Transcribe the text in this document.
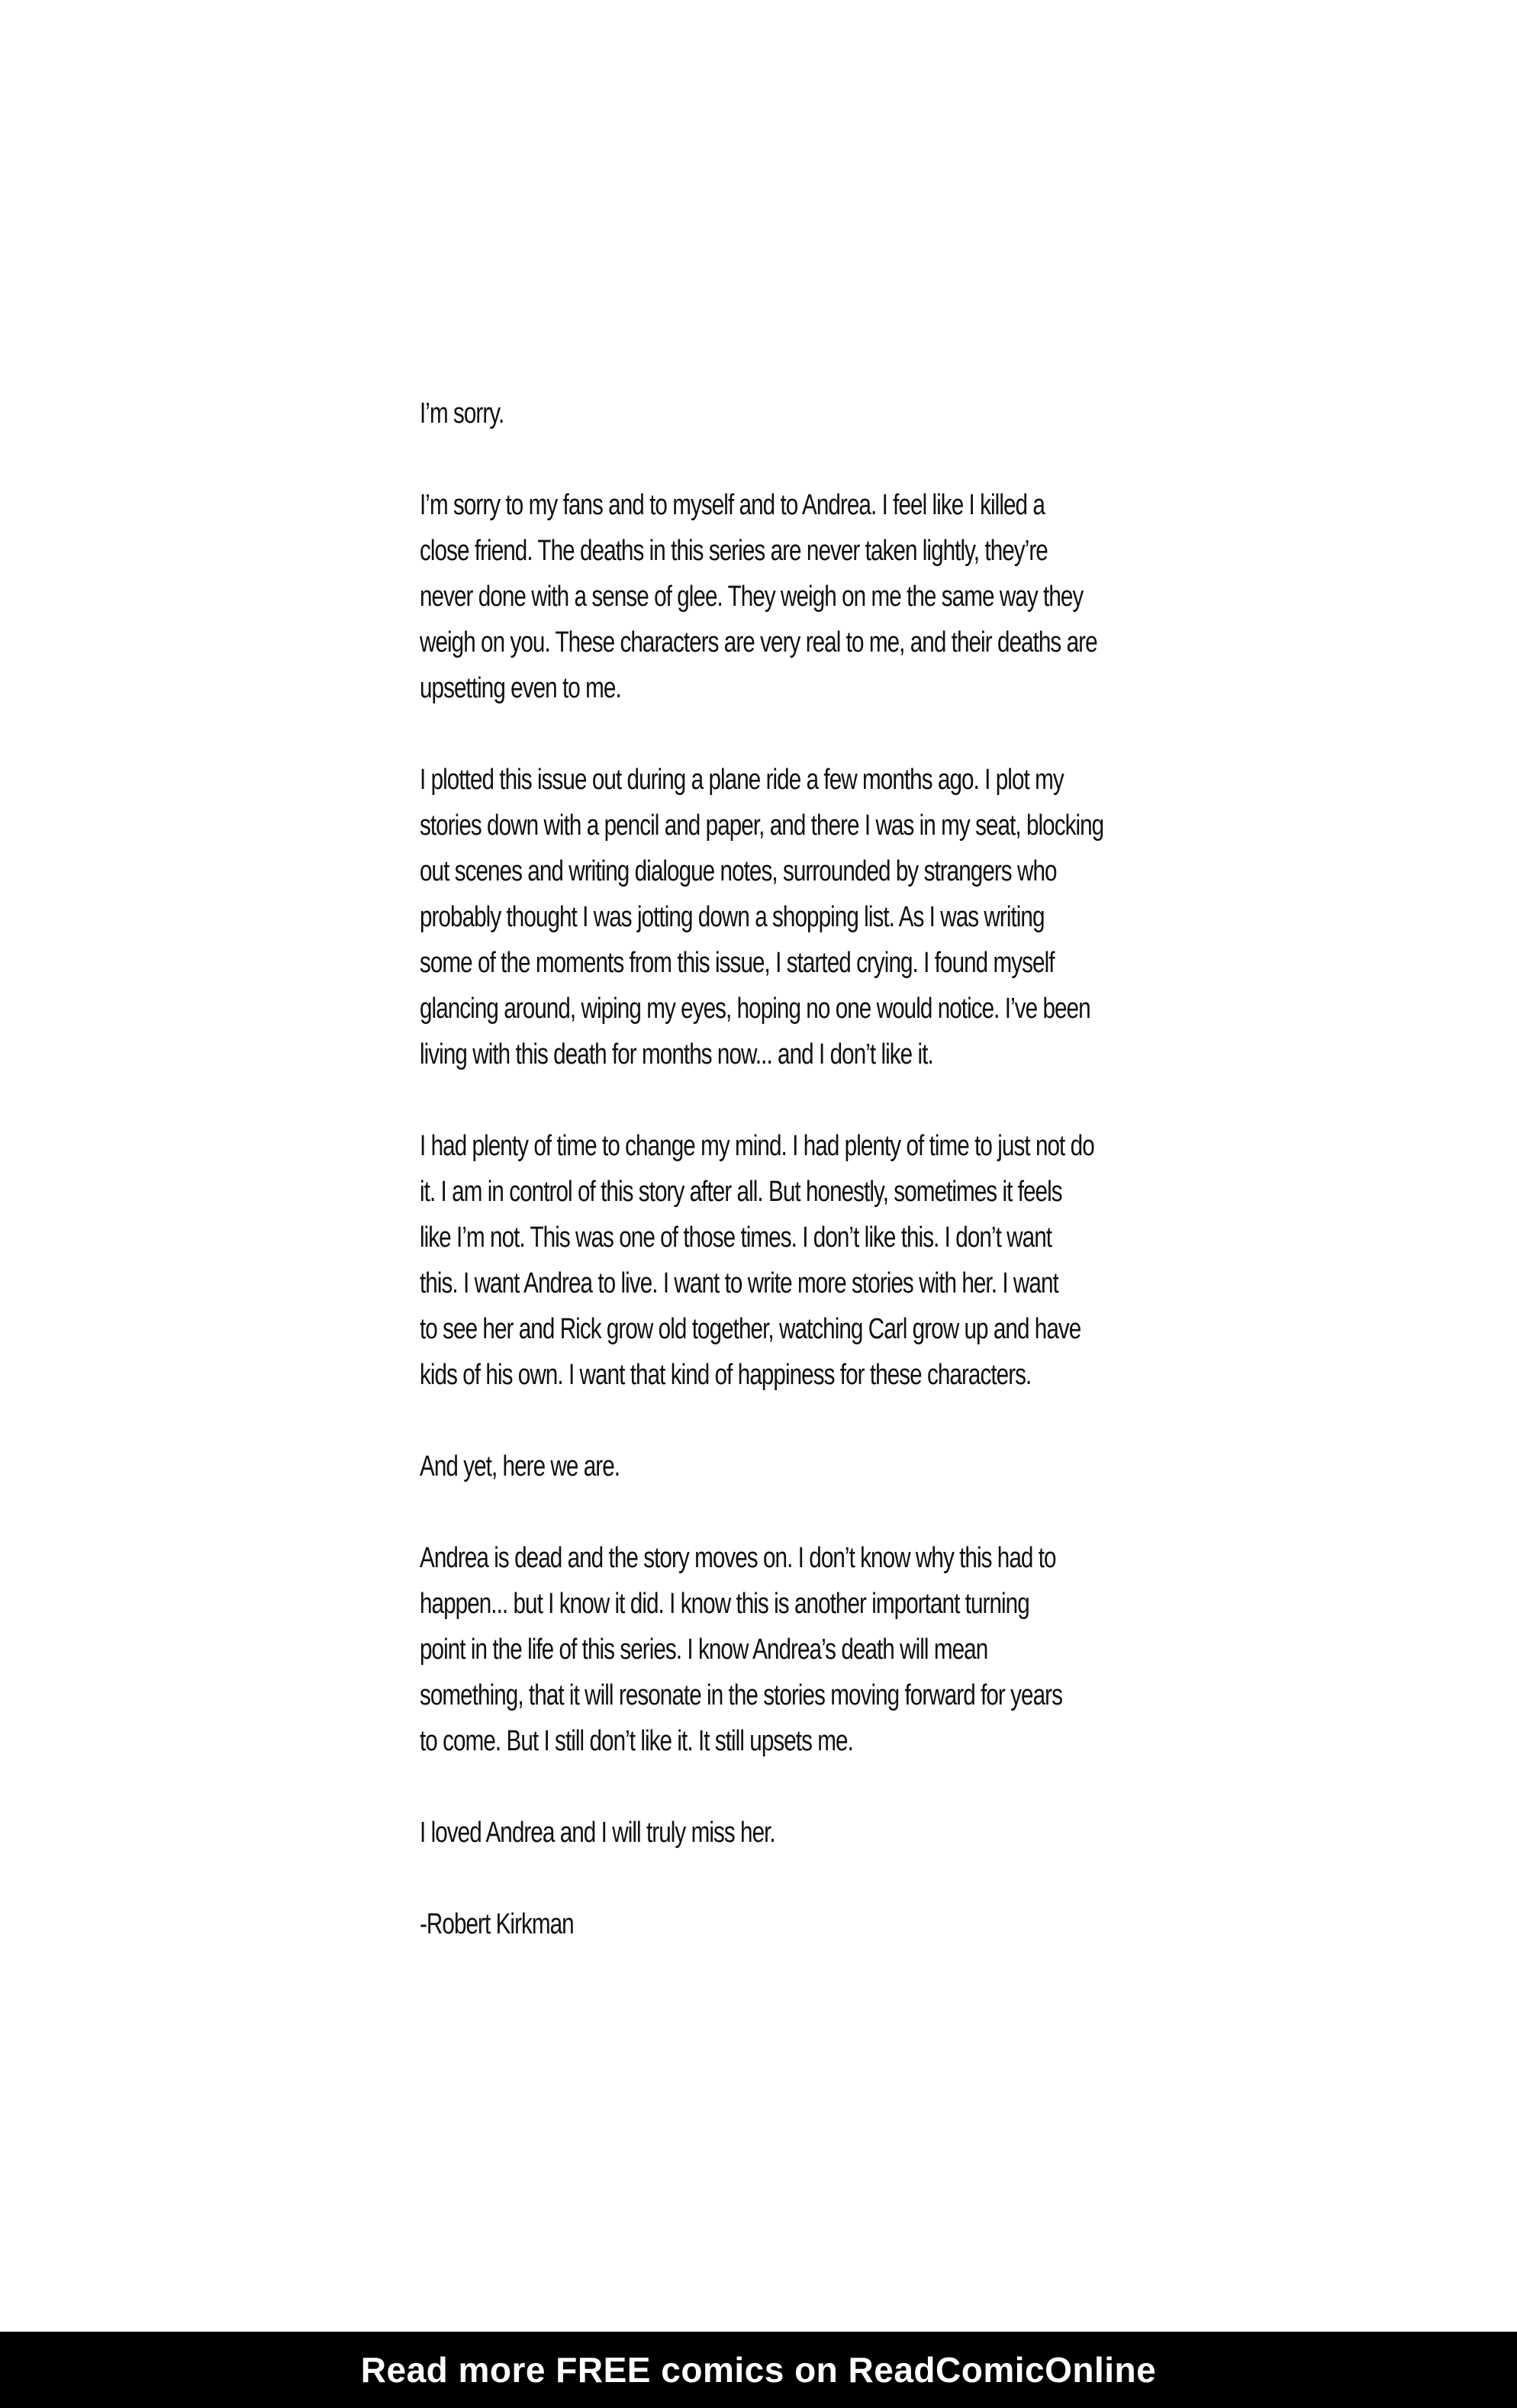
I’m sorry.

I’m sorry to my fans and to myself and to Andrea. I feel like I killed a
close friend. The deaths in this series are never taken lightly, they’re
never done with a sense of glee. They weigh on me the same way they
weigh on you. These characters are very real to me, and their deaths are
upsetting even to me.

I plotted this issue out during a plane ride a few months ago. I plot my
stories down with a pencil and paper, and there I was in my seat, blocking
out scenes and writing dialogue notes, surrounded by strangers who
probably thought I was jotting down a shopping list. As I was writing
some of the moments from this issue, I started crying. I found myself
glancing around, wiping my eyes, hoping no one would notice. I’ve been
living with this death for months now... and I don’t like it.

I had plenty of time to change my mind. I had plenty of time to just not do
it. I am in control of this story after all. But honestly, sometimes it feels
like I’m not. This was one of those times. I don’t like this. I don’t want
this. I want Andrea to live. I want to write more stories with her. I want
to see her and Rick grow old together, watching Carl grow up and have
kids of his own. I want that kind of happiness for these characters.

And yet, here we are.

Andrea is dead and the story moves on. I don’t know why this had to
happen... but I know it did. I know this is another important turning
point in the life of this series. I know Andrea’s death will mean
something, that it will resonate in the stories moving forward for years
to come. But I still don’t like it. It still upsets me.

I loved Andrea and I will truly miss her.

-Robert Kirkman

Read more FREE comics on ReadComicOnline
